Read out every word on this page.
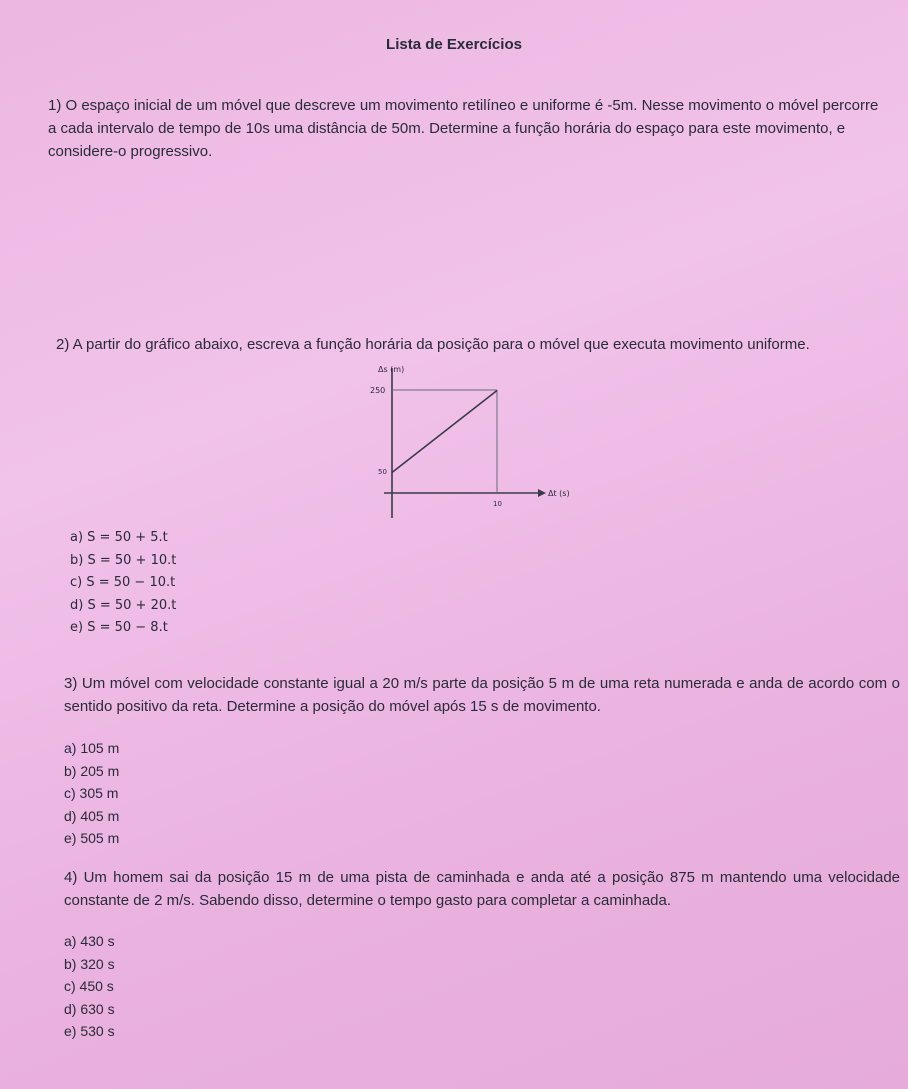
Lista de Exercícios
1) O espaço inicial de um móvel que descreve um movimento retilíneo e uniforme é -5m. Nesse movimento o móvel percorre a cada intervalo de tempo de 10s uma distância de 50m. Determine a função horária do espaço para este movimento, e considere-o progressivo.
2) A partir do gráfico abaixo, escreva a função horária da posição para o móvel que executa movimento uniforme.
Δs (m)
250
50
10
Δt (s)
a) S = 50 + 5.t
b) S = 50 + 10.t
c) S = 50 − 10.t
d) S = 50 + 20.t
e) S = 50 − 8.t
3) Um móvel com velocidade constante igual a 20 m/s parte da posição 5 m de uma reta numerada e anda de acordo com o sentido positivo da reta. Determine a posição do móvel após 15 s de movimento.
a) 105 m
b) 205 m
c) 305 m
d) 405 m
e) 505 m
4) Um homem sai da posição 15 m de uma pista de caminhada e anda até a posição 875 m mantendo uma velocidade constante de 2 m/s. Sabendo disso, determine o tempo gasto para completar a caminhada.
a) 430 s
b) 320 s
c) 450 s
d) 630 s
e) 530 s
